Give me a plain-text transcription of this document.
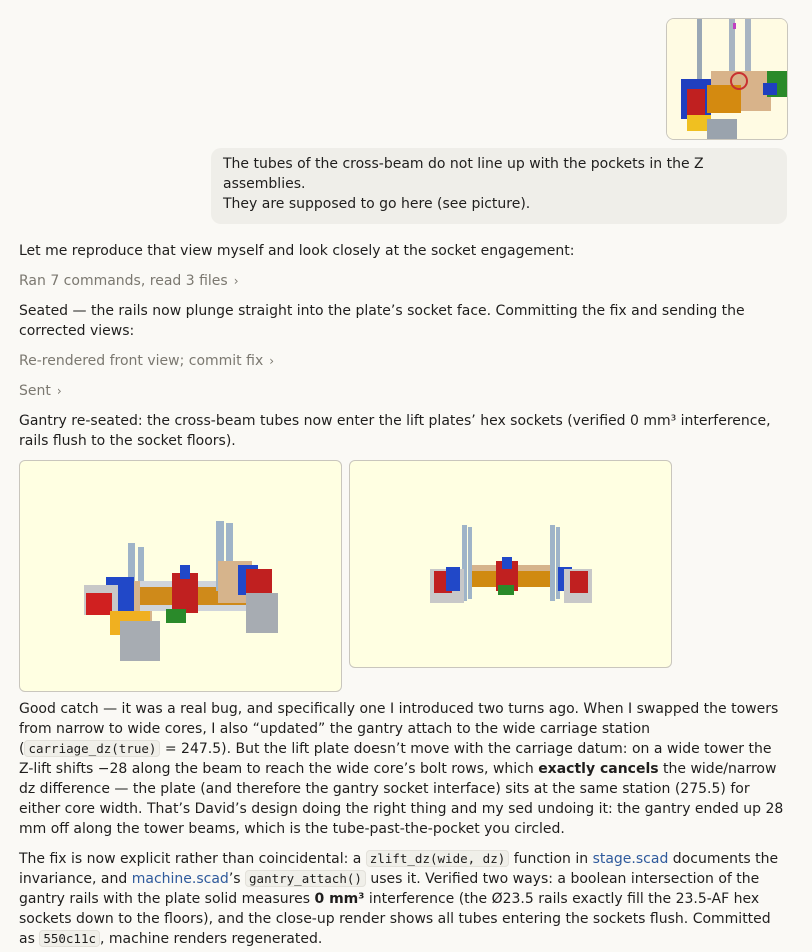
The tubes of the cross-beam do not line up with the pockets in the Z assemblies.
They are supposed to go here (see picture).
Let me reproduce that view myself and look closely at the socket engagement:
Ran 7 commands, read 3 files ›
Seated — the rails now plunge straight into the plate’s socket face. Committing the fix and sending the corrected views:
Re-rendered front view; commit fix ›
Sent ›
Gantry re-seated: the cross-beam tubes now enter the lift plates’ hex sockets (verified 0 mm³ interference, rails flush to the socket floors).
Good catch — it was a real bug, and specifically one I introduced two turns ago. When I swapped the towers from narrow to wide cores, I also “updated” the gantry attach to the wide carriage station ( carriage_dz(true) = 247.5). But the lift plate doesn’t move with the carriage datum: on a wide tower the Z-lift shifts −28 along the beam to reach the wide core’s bolt rows, which exactly cancels the wide/narrow dz difference — the plate (and therefore the gantry socket interface) sits at the same station (275.5) for either core width. That’s David’s design doing the right thing and my sed undoing it: the gantry ended up 28 mm off along the tower beams, which is the tube-past-the-pocket you circled.
The fix is now explicit rather than coincidental: a zlift_dz(wide, dz) function in stage.scad documents the invariance, and machine.scad’s gantry_attach() uses it. Verified two ways: a boolean intersection of the gantry rails with the plate solid measures 0 mm³ interference (the Ø23.5 rails exactly fill the 23.5-AF hex sockets down to the floors), and the close-up render shows all tubes entering the sockets flush. Committed as 550c11c , machine renders regenerated.
